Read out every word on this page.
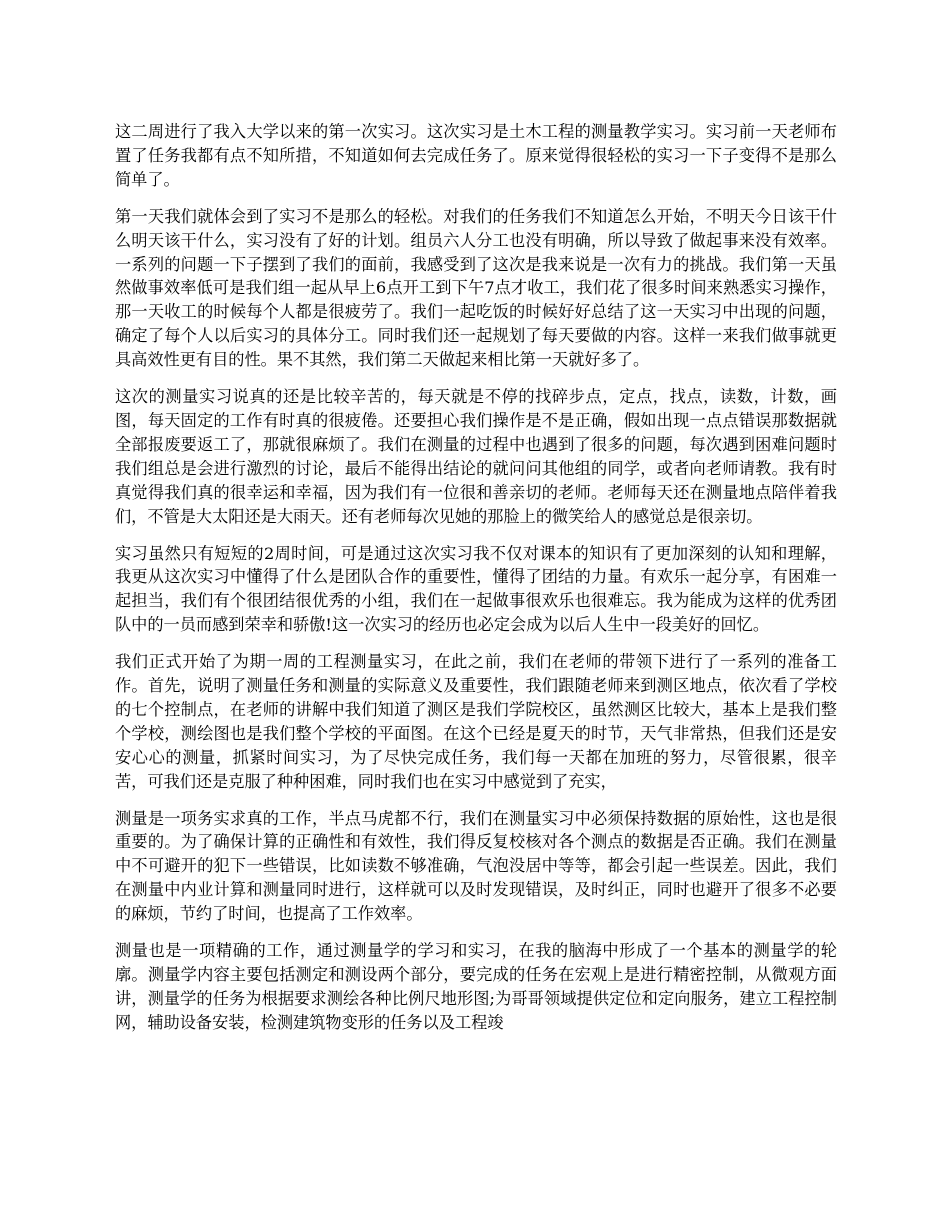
这二周进行了我入大学以来的第一次实习。这次实习是土木工程的测量教学实习。实习前一天老师布置了任务我都有点不知所措，不知道如何去完成任务了。原来觉得很轻松的实习一下子变得不是那么简单了。

第一天我们就体会到了实习不是那么的轻松。对我们的任务我们不知道怎么开始，不明天今日该干什么明天该干什么，实习没有了好的计划。组员六人分工也没有明确，所以导致了做起事来没有效率。一系列的问题一下子摆到了我们的面前，我感受到了这次是我来说是一次有力的挑战。我们第一天虽然做事效率低可是我们组一起从早上6点开工到下午7点才收工，我们花了很多时间来熟悉实习操作，那一天收工的时候每个人都是很疲劳了。我们一起吃饭的时候好好总结了这一天实习中出现的问题，确定了每个人以后实习的具体分工。同时我们还一起规划了每天要做的内容。这样一来我们做事就更具高效性更有目的性。果不其然，我们第二天做起来相比第一天就好多了。

这次的测量实习说真的还是比较辛苦的，每天就是不停的找碎步点，定点，找点，读数，计数，画图，每天固定的工作有时真的很疲倦。还要担心我们操作是不是正确，假如出现一点点错误那数据就全部报废要返工了，那就很麻烦了。我们在测量的过程中也遇到了很多的问题，每次遇到困难问题时我们组总是会进行激烈的讨论，最后不能得出结论的就问问其他组的同学，或者向老师请教。我有时真觉得我们真的很幸运和幸福，因为我们有一位很和善亲切的老师。老师每天还在测量地点陪伴着我们，不管是大太阳还是大雨天。还有老师每次见她的那脸上的微笑给人的感觉总是很亲切。

实习虽然只有短短的2周时间，可是通过这次实习我不仅对课本的知识有了更加深刻的认知和理解，我更从这次实习中懂得了什么是团队合作的重要性，懂得了团结的力量。有欢乐一起分享，有困难一起担当，我们有个很团结很优秀的小组，我们在一起做事很欢乐也很难忘。我为能成为这样的优秀团队中的一员而感到荣幸和骄傲!这一次实习的经历也必定会成为以后人生中一段美好的回忆。

我们正式开始了为期一周的工程测量实习，在此之前，我们在老师的带领下进行了一系列的准备工作。首先，说明了测量任务和测量的实际意义及重要性，我们跟随老师来到测区地点，依次看了学校的七个控制点，在老师的讲解中我们知道了测区是我们学院校区，虽然测区比较大，基本上是我们整个学校，测绘图也是我们整个学校的平面图。在这个已经是夏天的时节，天气非常热，但我们还是安安心心的测量，抓紧时间实习，为了尽快完成任务，我们每一天都在加班的努力，尽管很累，很辛苦，可我们还是克服了种种困难，同时我们也在实习中感觉到了充实，

测量是一项务实求真的工作，半点马虎都不行，我们在测量实习中必须保持数据的原始性，这也是很重要的。为了确保计算的正确性和有效性，我们得反复校核对各个测点的数据是否正确。我们在测量中不可避开的犯下一些错误，比如读数不够准确，气泡没居中等等，都会引起一些误差。因此，我们在测量中内业计算和测量同时进行，这样就可以及时发现错误，及时纠正，同时也避开了很多不必要的麻烦，节约了时间，也提高了工作效率。

测量也是一项精确的工作，通过测量学的学习和实习，在我的脑海中形成了一个基本的测量学的轮廓。测量学内容主要包括测定和测设两个部分，要完成的任务在宏观上是进行精密控制，从微观方面讲，测量学的任务为根据要求测绘各种比例尺地形图;为哥哥领域提供定位和定向服务，建立工程控制网，辅助设备安装，检测建筑物变形的任务以及工程竣
